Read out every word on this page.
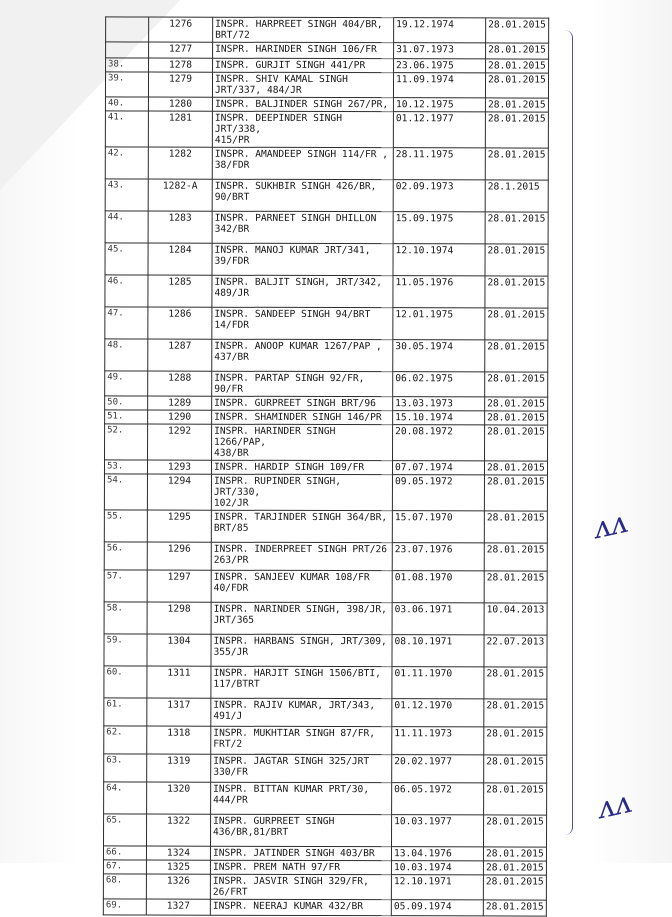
	1276	INSPR. HARPREET SINGH 404/BR,
BRT/72	19.12.1974	28.01.2015
	1277	INSPR. HARINDER SINGH 106/FR	31.07.1973	28.01.2015
38.	1278	INSPR. GURJIT SINGH 441/PR	23.06.1975	28.01.2015
39.	1279	INSPR. SHIV KAMAL SINGH
JRT/337, 484/JR	11.09.1974	28.01.2015
40.	1280	INSPR. BALJINDER SINGH 267/PR,	10.12.1975	28.01.2015
41.	1281	INSPR. DEEPINDER SINGH JRT/338,
415/PR	01.12.1977	28.01.2015
42.	1282	INSPR. AMANDEEP SINGH 114/FR ,
38/FDR	28.11.1975	28.01.2015
43.	1282-A	INSPR. SUKHBIR SINGH 426/BR,
90/BRT	02.09.1973	28.1.2015
44.	1283	INSPR. PARNEET SINGH DHILLON
342/BR	15.09.1975	28.01.2015
45.	1284	INSPR. MANOJ KUMAR JRT/341,
39/FDR	12.10.1974	28.01.2015
46.	1285	INSPR. BALJIT SINGH, JRT/342,
489/JR	11.05.1976	28.01.2015
47.	1286	INSPR. SANDEEP SINGH 94/BRT
14/FDR	12.01.1975	28.01.2015
48.	1287	INSPR. ANOOP KUMAR 1267/PAP ,
437/BR	30.05.1974	28.01.2015
49.	1288	INSPR. PARTAP SINGH 92/FR, 90/FR	06.02.1975	28.01.2015
50.	1289	INSPR. GURPREET SINGH BRT/96	13.03.1973	28.01.2015
51.	1290	INSPR. SHAMINDER SINGH 146/PR	15.10.1974	28.01.2015
52.	1292	INSPR. HARINDER SINGH 1266/PAP,
438/BR	20.08.1972	28.01.2015
53.	1293	INSPR. HARDIP SINGH 109/FR	07.07.1974	28.01.2015
54.	1294	INSPR. RUPINDER SINGH, JRT/330,
102/JR	09.05.1972	28.01.2015
55.	1295	INSPR. TARJINDER SINGH 364/BR,
BRT/85	15.07.1970	28.01.2015
56.	1296	INSPR. INDERPREET SINGH PRT/26
263/PR	23.07.1976	28.01.2015
57.	1297	INSPR. SANJEEV KUMAR 108/FR
40/FDR	01.08.1970	28.01.2015
58.	1298	INSPR. NARINDER SINGH, 398/JR,
JRT/365	03.06.1971	10.04.2013
59.	1304	INSPR. HARBANS SINGH, JRT/309,
355/JR	08.10.1971	22.07.2013
60.	1311	INSPR. HARJIT SINGH 1506/BTI,
117/BTRT	01.11.1970	28.01.2015
61.	1317	INSPR. RAJIV KUMAR, JRT/343,
491/J	01.12.1970	28.01.2015
62.	1318	INSPR. MUKHTIAR SINGH 87/FR,
FRT/2	11.11.1973	28.01.2015
63.	1319	INSPR. JAGTAR SINGH 325/JRT
330/FR	20.02.1977	28.01.2015
64.	1320	INSPR. BITTAN KUMAR PRT/30,
444/PR	06.05.1972	28.01.2015
65.	1322	INSPR. GURPREET SINGH
436/BR,81/BRT	10.03.1977	28.01.2015
66.	1324	INSPR. JATINDER SINGH 403/BR	13.04.1976	28.01.2015
67.	1325	INSPR. PREM NATH 97/FR	10.03.1974	28.01.2015
68.	1326	INSPR. JASVIR SINGH 329/FR,
26/FRT	12.10.1971	28.01.2015
69.	1327	INSPR. NEERAJ KUMAR 432/BR	05.09.1974	28.01.2015
ᴧᴧ
ᴧᴧ
